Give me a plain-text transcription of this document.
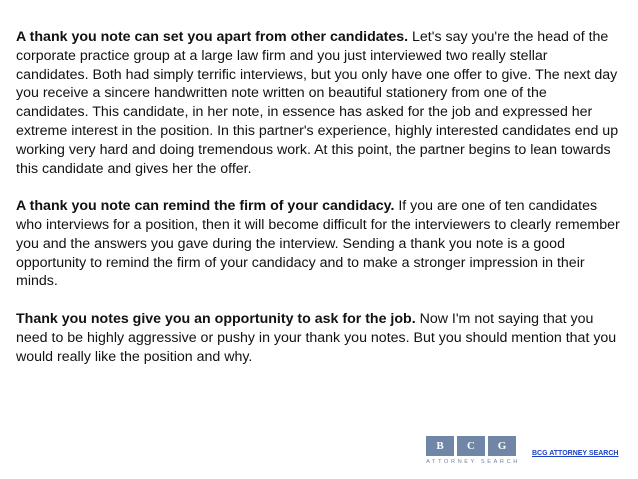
A thank you note can set you apart from other candidates. Let's say you're the head of the corporate practice group at a large law firm and you just interviewed two really stellar candidates. Both had simply terrific interviews, but you only have one offer to give. The next day you receive a sincere handwritten note written on beautiful stationery from one of the candidates. This candidate, in her note, in essence has asked for the job and expressed her extreme interest in the position. In this partner's experience, highly interested candidates end up working very hard and doing tremendous work. At this point, the partner begins to lean towards this candidate and gives her the offer.

A thank you note can remind the firm of your candidacy. If you are one of ten candidates who interviews for a position, then it will become difficult for the interviewers to clearly remember you and the answers you gave during the interview. Sending a thank you note is a good opportunity to remind the firm of your candidacy and to make a stronger impression in their minds.

Thank you notes give you an opportunity to ask for the job. Now I'm not saying that you need to be highly aggressive or pushy in your thank you notes. But you should mention that you would really like the position and why.

B	C	G
ATTORNEY SEARCH
BCG ATTORNEY SEARCH
